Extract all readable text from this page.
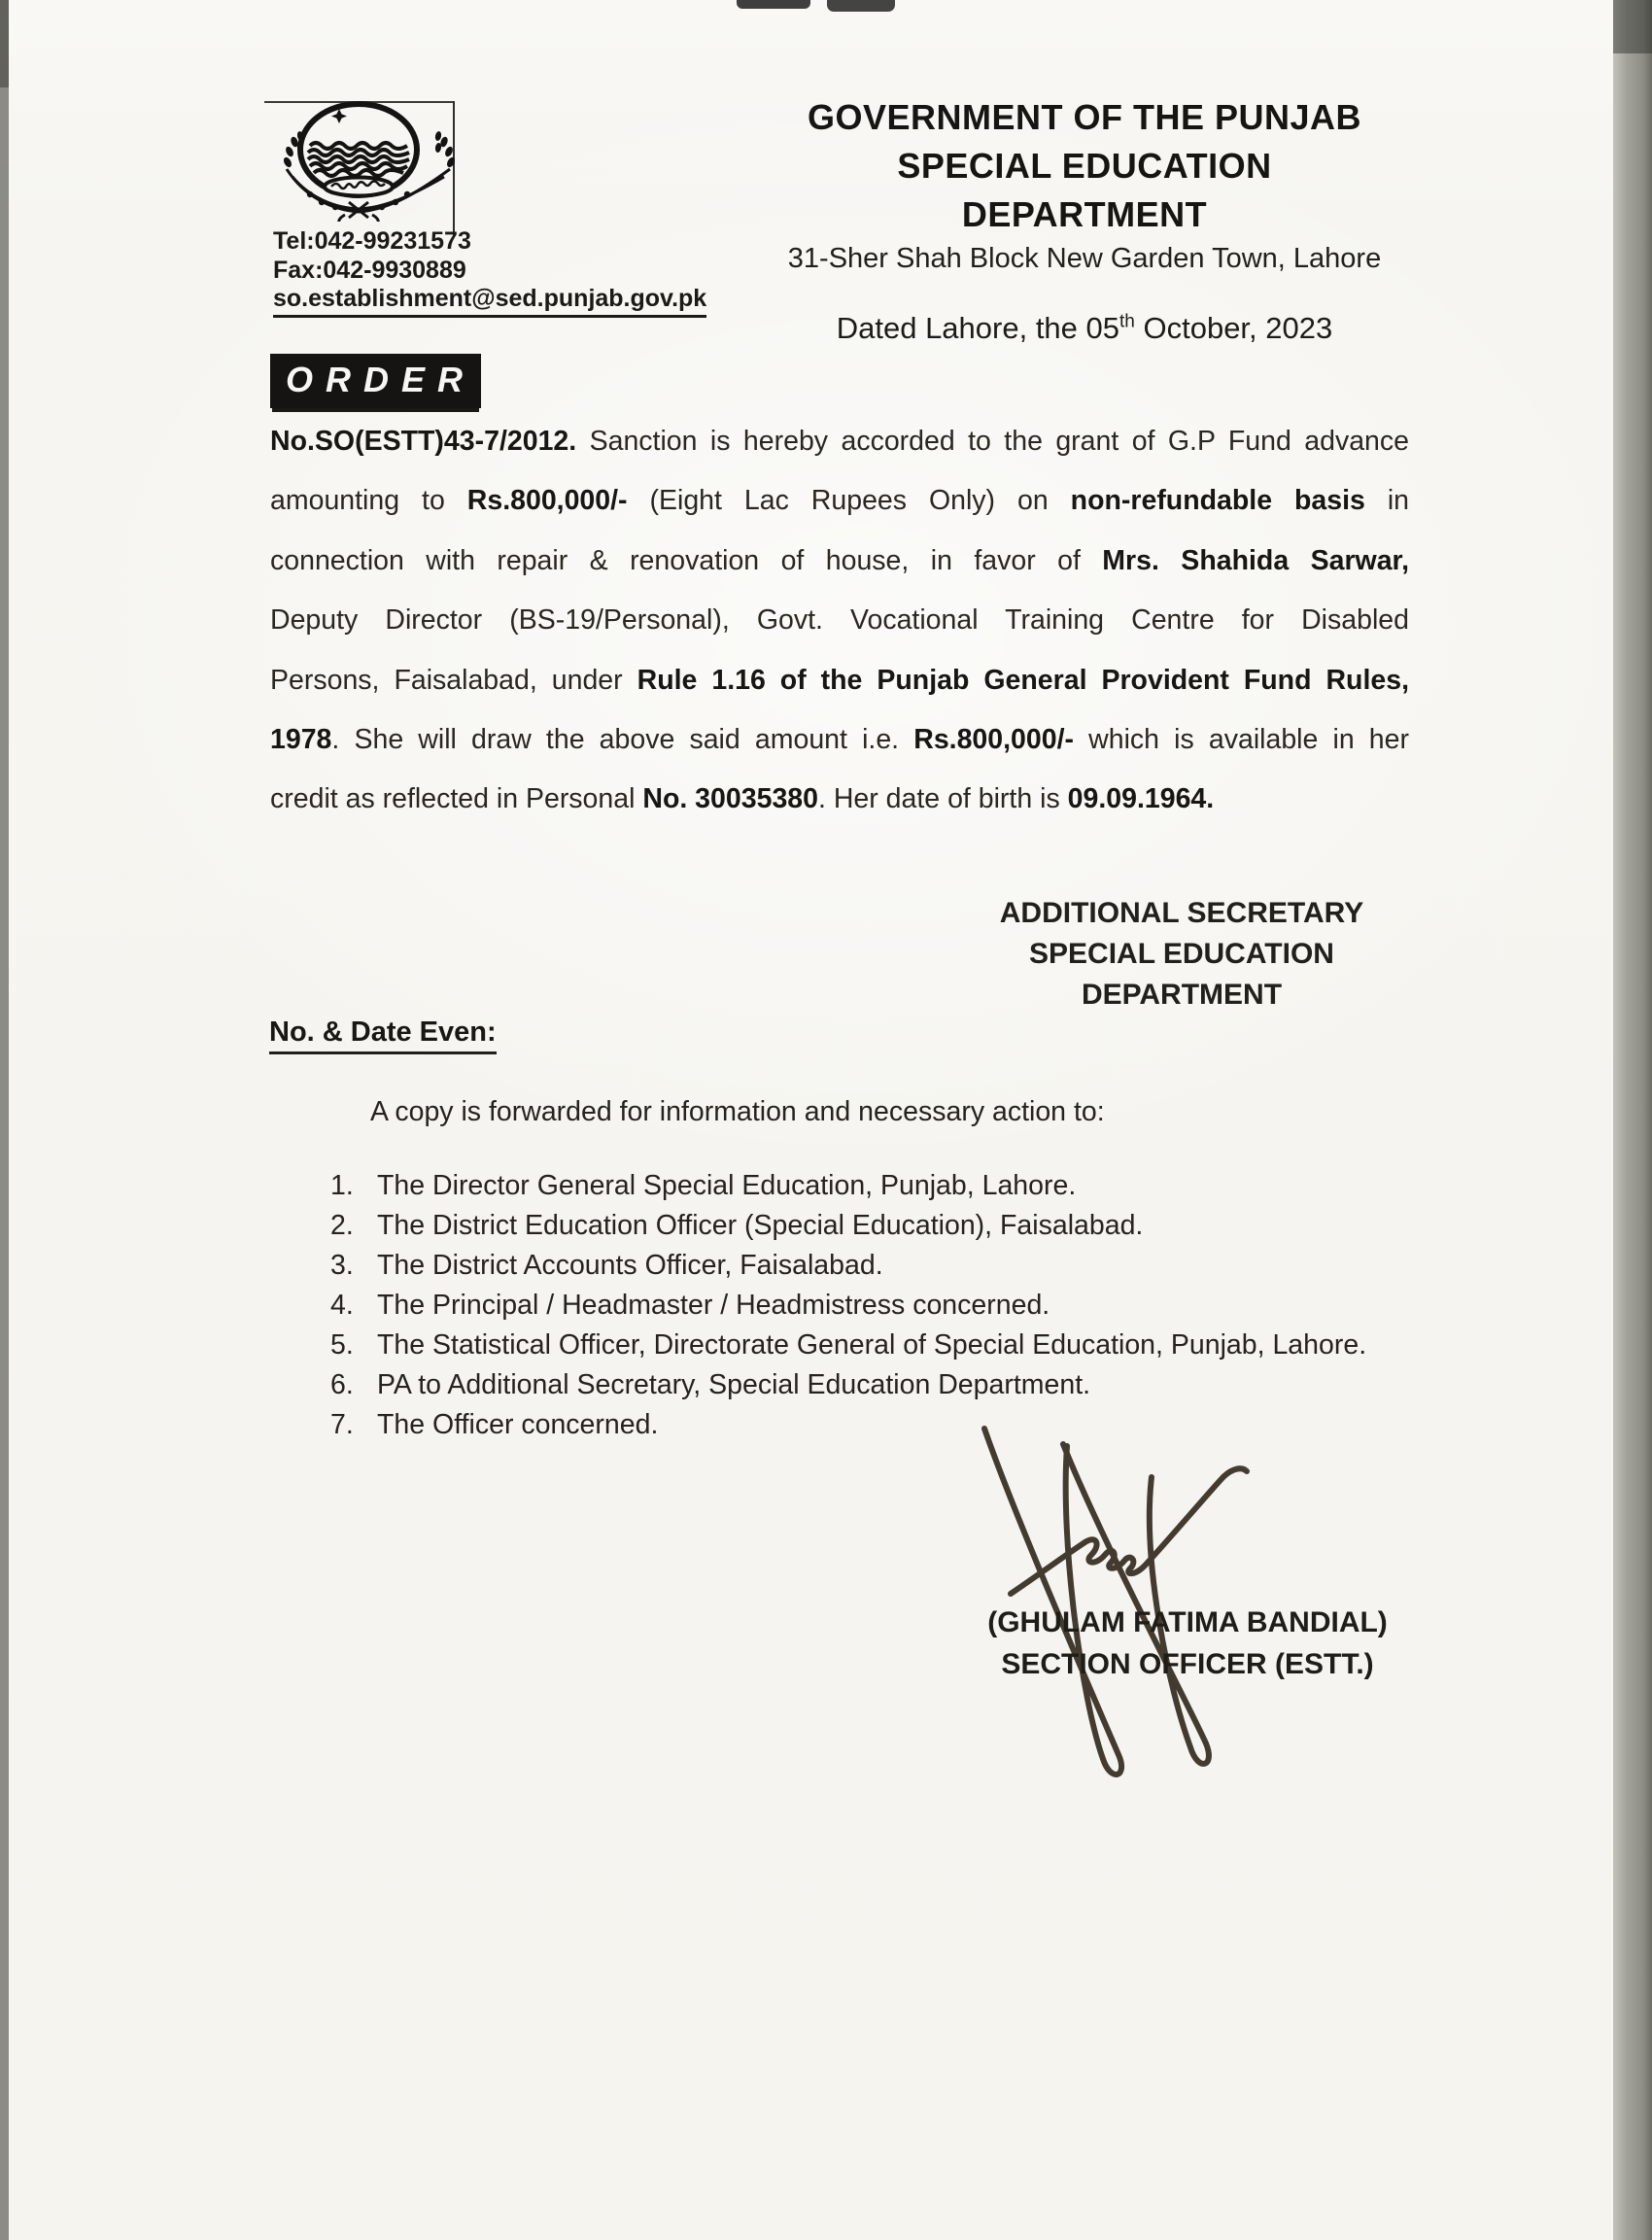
GOVERNMENT OF THE PUNJAB
SPECIAL EDUCATION DEPARTMENT
31-Sher Shah Block New Garden Town, Lahore
Dated Lahore, the 05th October, 2023
Tel:042-99231573
Fax:042-9930889
so.establishment@sed.punjab.gov.pk
ORDER
No.SO(ESTT)43-7/2012. Sanction is hereby accorded to the grant of G.P Fund advance
amounting to Rs.800,000/- (Eight Lac Rupees Only) on non-refundable basis in
connection with repair & renovation of house, in favor of Mrs. Shahida Sarwar,
Deputy Director (BS-19/Personal), Govt. Vocational Training Centre for Disabled
Persons, Faisalabad, under Rule 1.16 of the Punjab General Provident Fund Rules,
1978. She will draw the above said amount i.e. Rs.800,000/- which is available in her
credit as reflected in Personal No. 30035380. Her date of birth is 09.09.1964.
ADDITIONAL SECRETARY
SPECIAL EDUCATION
DEPARTMENT
No. & Date Even:
A copy is forwarded for information and necessary action to:
1. The Director General Special Education, Punjab, Lahore.
2. The District Education Officer (Special Education), Faisalabad.
3. The District Accounts Officer, Faisalabad.
4. The Principal / Headmaster / Headmistress concerned.
5. The Statistical Officer, Directorate General of Special Education, Punjab, Lahore.
6. PA to Additional Secretary, Special Education Department.
7. The Officer concerned.
(GHULAM FATIMA BANDIAL)
SECTION OFFICER (ESTT.)
